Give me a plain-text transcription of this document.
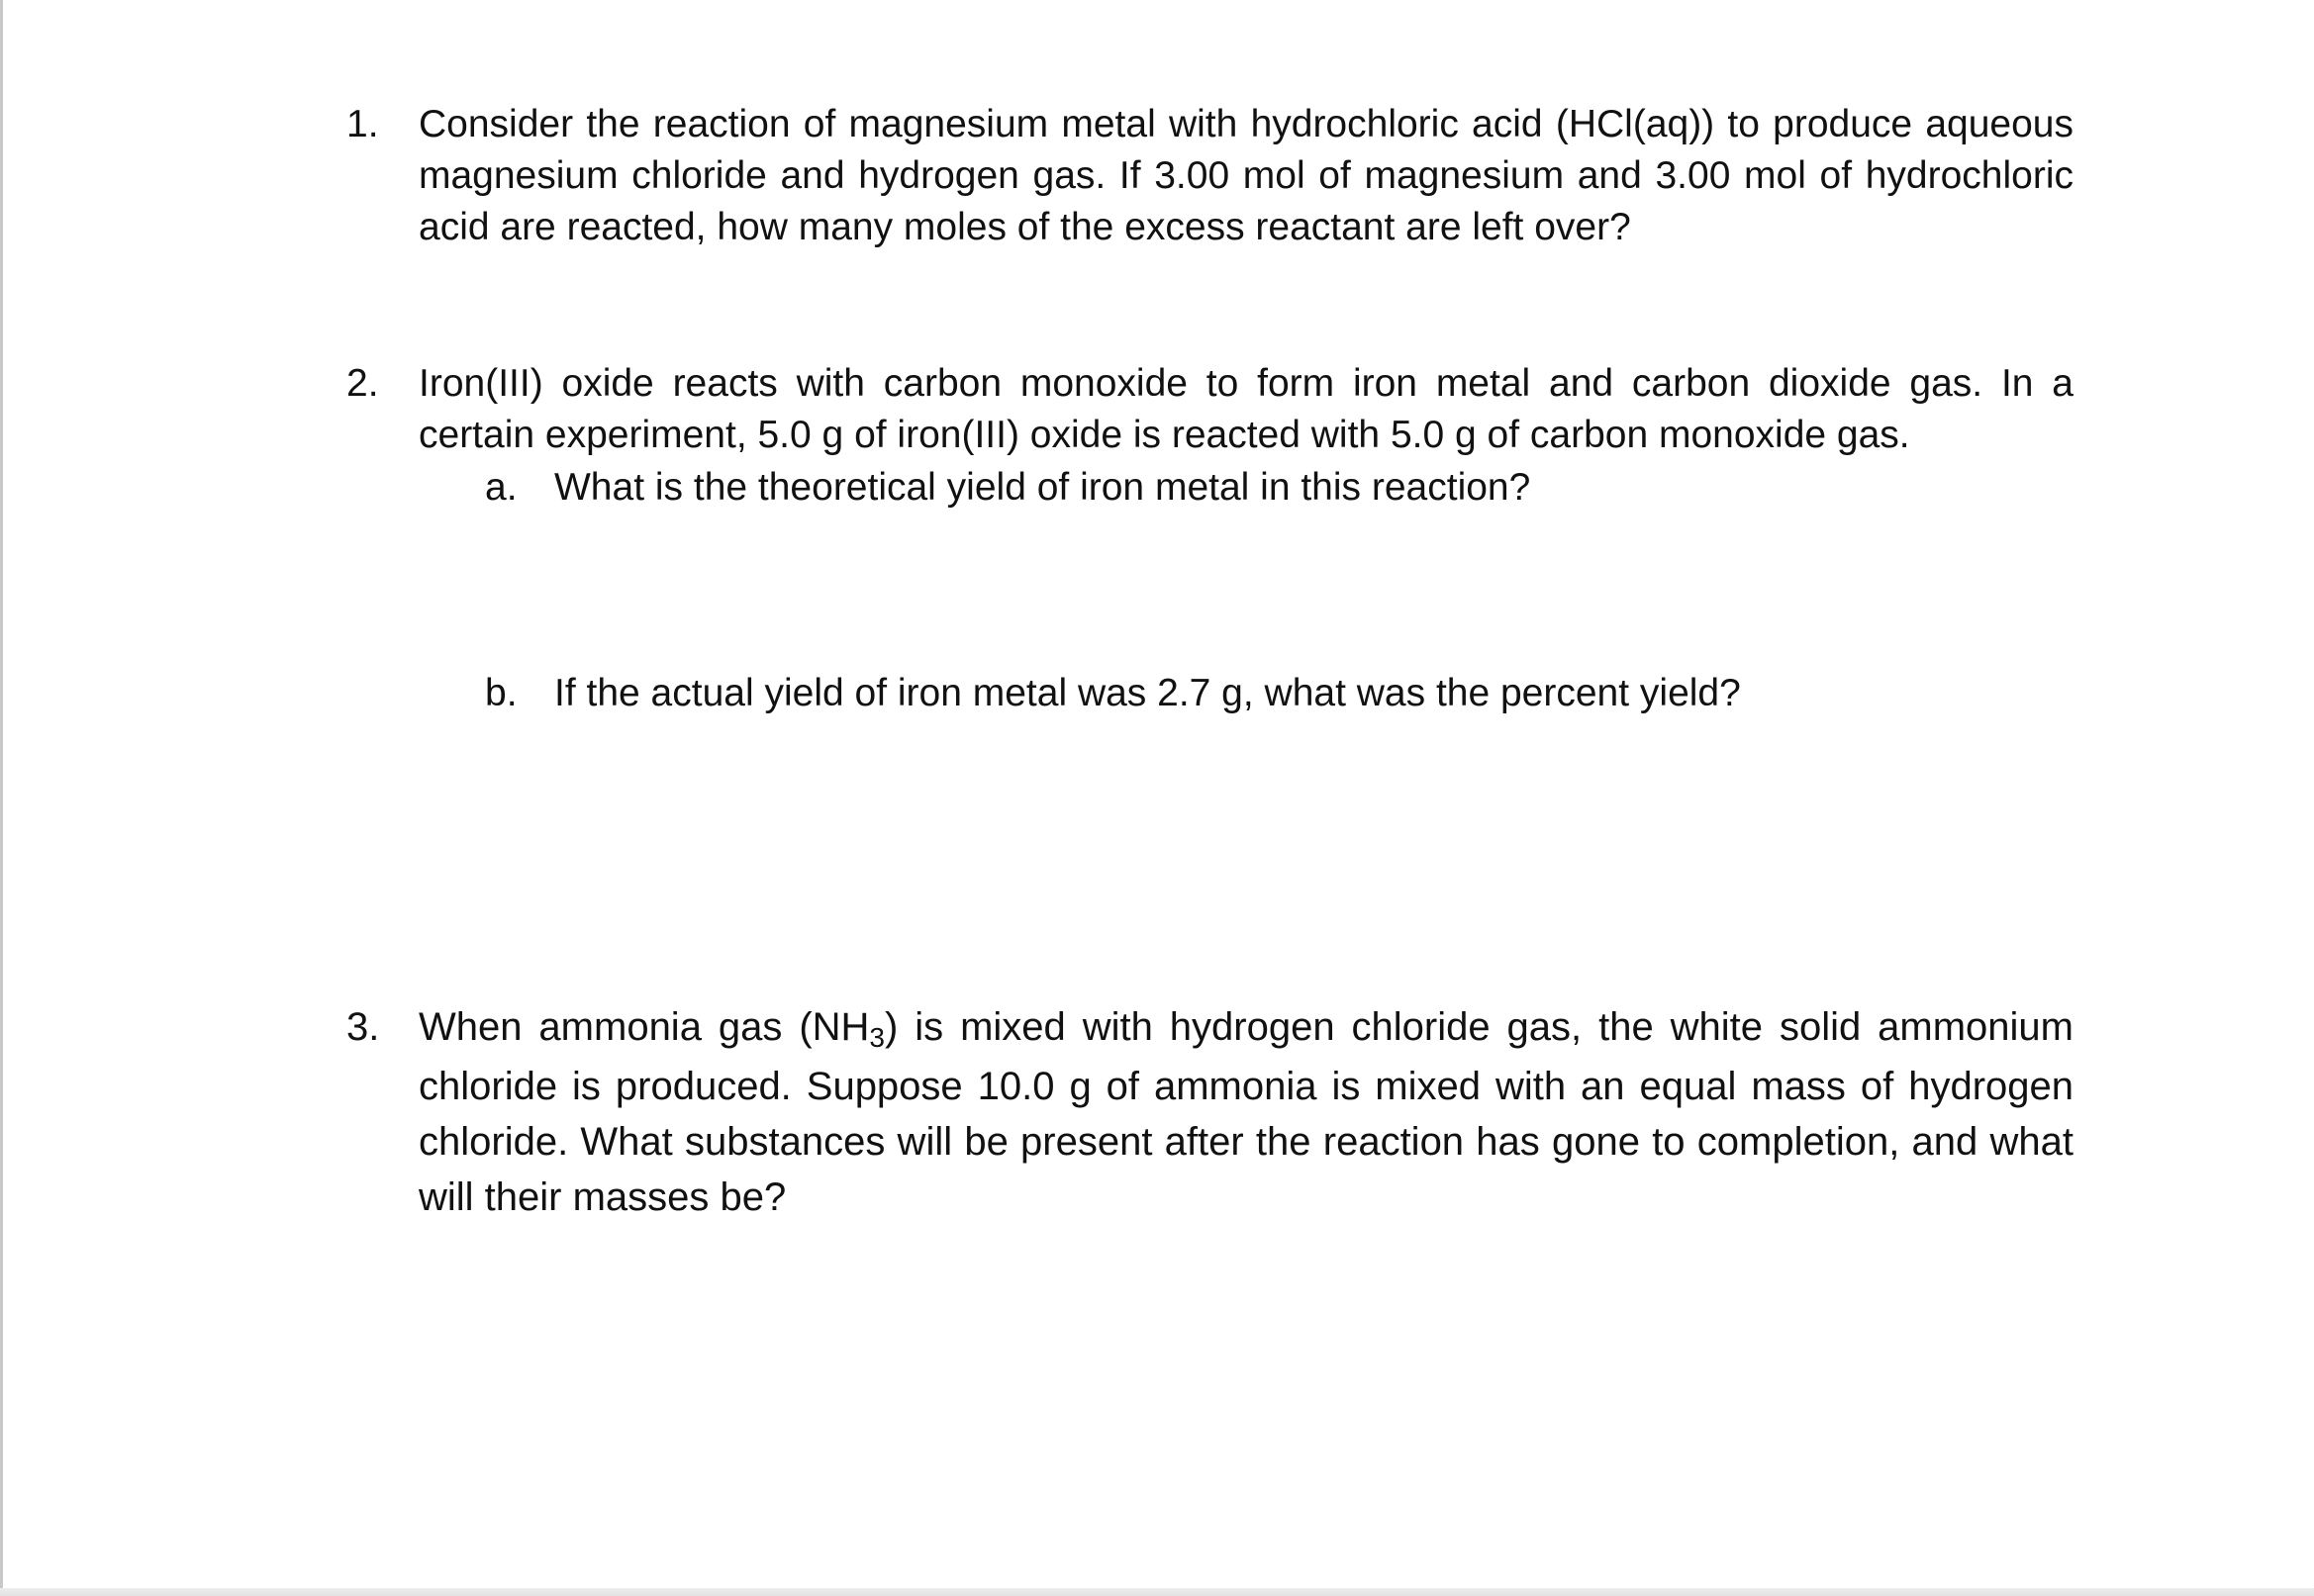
1. Consider the reaction of magnesium metal with hydrochloric acid (HCl(aq)) to produce aqueous magnesium chloride and hydrogen gas. If 3.00 mol of magnesium and 3.00 mol of hydrochloric acid are reacted, how many moles of the excess reactant are left over?
2. Iron(III) oxide reacts with carbon monoxide to form iron metal and carbon dioxide gas. In a certain experiment, 5.0 g of iron(III) oxide is reacted with 5.0 g of carbon monoxide gas.
a. What is the theoretical yield of iron metal in this reaction?
b. If the actual yield of iron metal was 2.7 g, what was the percent yield?
3. When ammonia gas $(NH_3)$ is mixed with hydrogen chloride gas, the white solid ammonium chloride is produced. Suppose 10.0 g of ammonia is mixed with an equal mass of hydrogen chloride. What substances will be present after the reaction has gone to completion, and what will their masses be?
